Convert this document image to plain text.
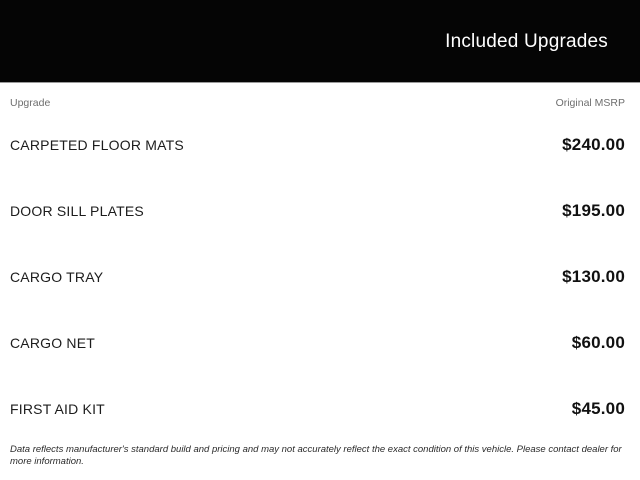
Included Upgrades
Upgrade	Original MSRP
CARPETED FLOOR MATS	$240.00
DOOR SILL PLATES	$195.00
CARGO TRAY	$130.00
CARGO NET	$60.00
FIRST AID KIT	$45.00
Data reflects manufacturer's standard build and pricing and may not accurately reflect the exact condition of this vehicle. Please contact dealer for more information.
